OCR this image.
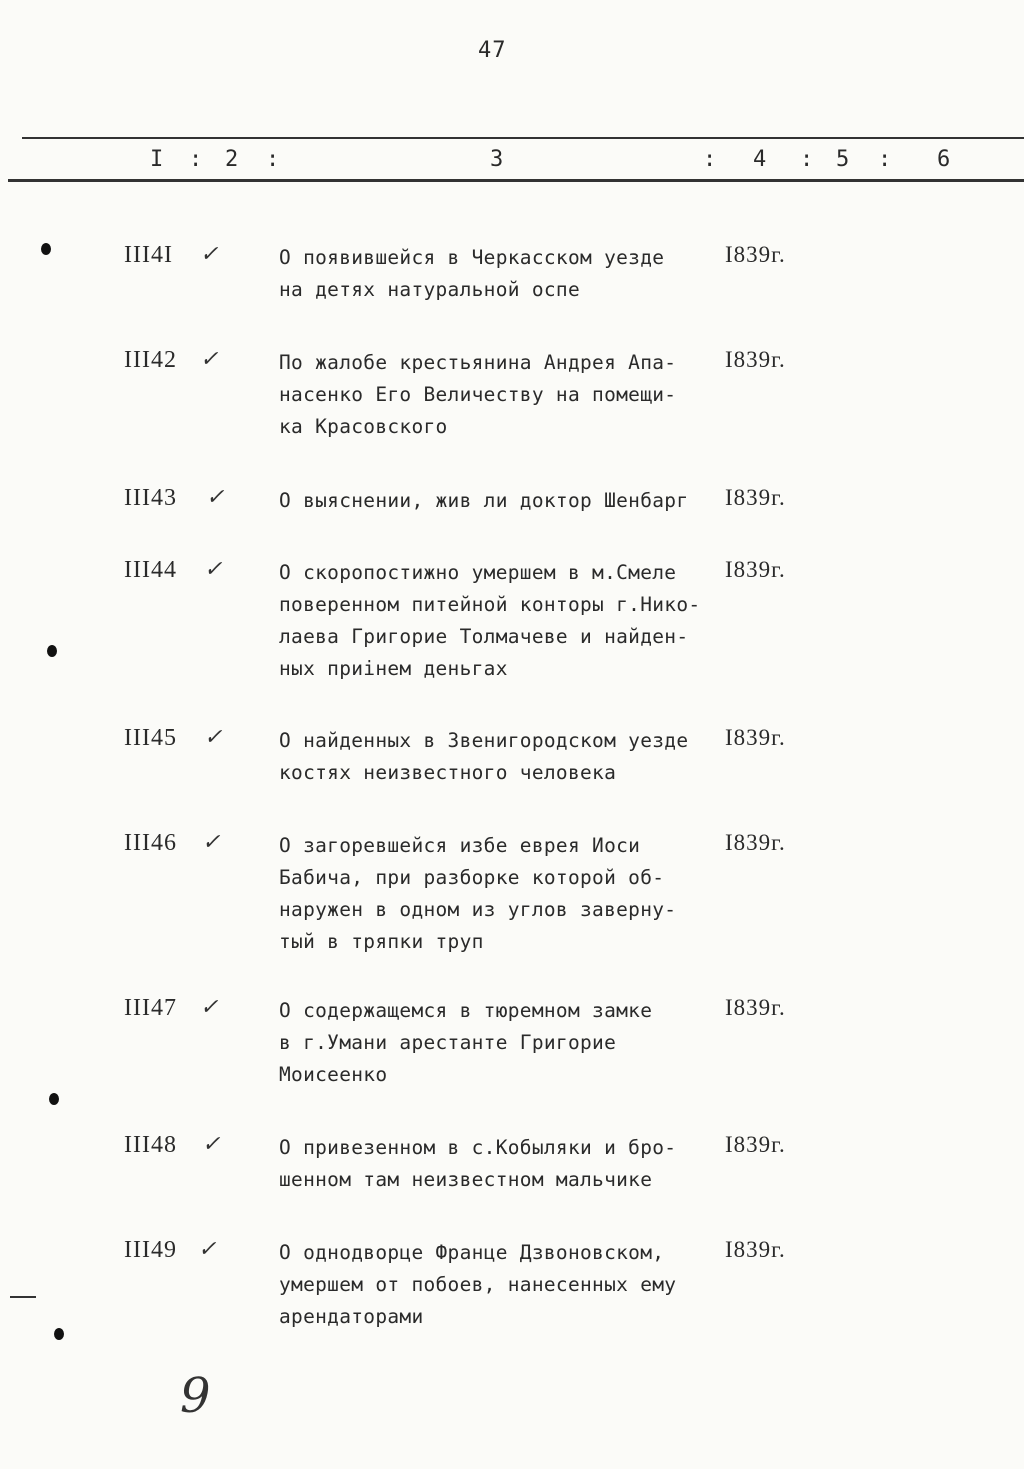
47
I : 2 :	3	: 4 : 5 : 6
III4I ✓	О появившейся в Черкасском уезде
на детях натуральной оспе
I839г.
III42 ✓	По жалобе крестьянина Андрея Апа-
насенко Его Величеству на помещи-
ка Красовского
I839г.
III43 ✓	О выяснении, жив ли доктор Шенбарг	I839г.
III44 ✓	О скоропостижно умершем в м.Смеле
поверенном питейной конторы г.Нико-
лаева Григорие Толмачеве и найден-
ных приiнем деньгах
I839г.
III45 ✓	О найденных в Звенигородском уезде
костях неизвестного человека
I839г.
III46 ✓	О загоревшейся избе еврея Иоси
Бабича, при разборке которой об-
наружен в одном из углов заверну-
тый в тряпки труп
I839г.
III47 ✓	О содержащемся в тюремном замке
в г.Умани арестанте Григорие
Моисеенко
I839г.
III48 ✓	О привезенном в с.Кобыляки и бро-
шенном там неизвестном мальчике
I839г.
III49 ✓	О однодворце Франце Дзвоновском,
умершем от побоев, нанесенных ему
арендаторами
I839г.
9
